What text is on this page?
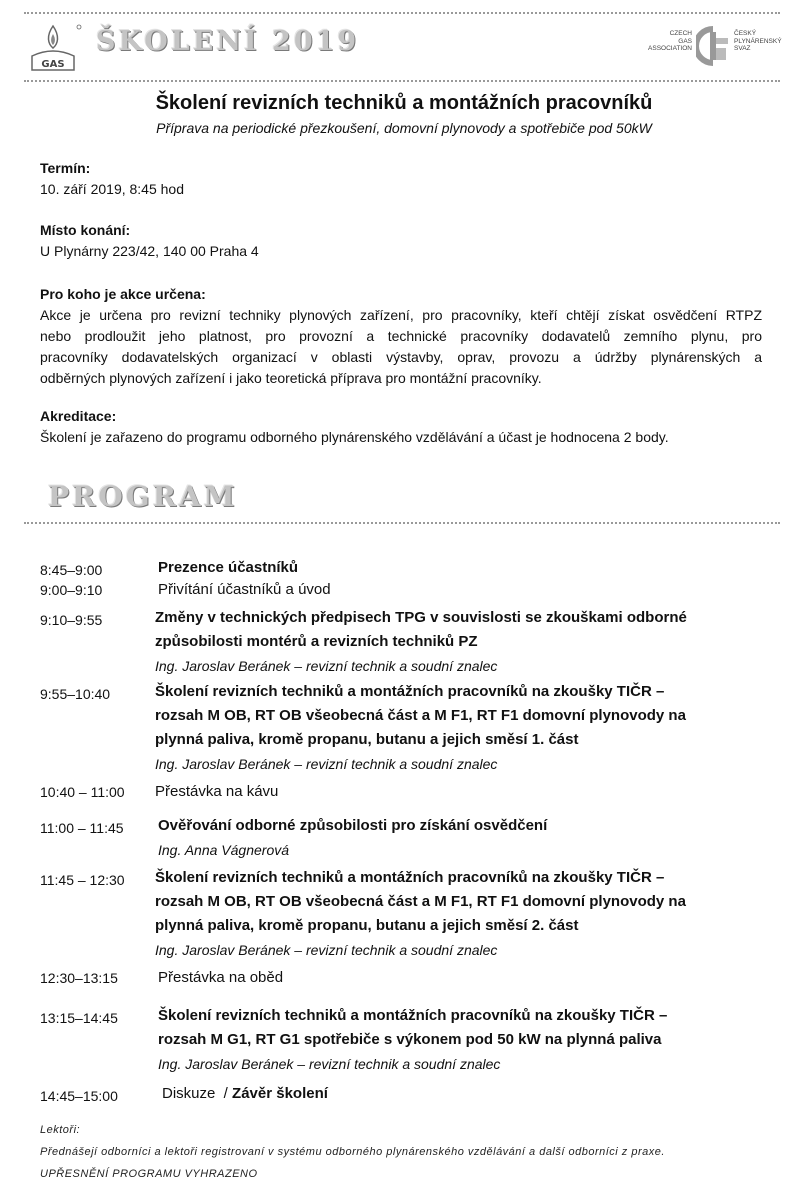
GAS
ŠKOLENÍ 2019	CZECH
GAS
ASSOCIATION
ČESKÝ
PLYNÁRENSKÝ
SVAZ
Školení revizních techniků a montážních pracovníků
Příprava na periodické přezkoušení, domovní plynovody a spotřebiče pod 50kW
Termín:
10. září 2019, 8:45 hod
Místo konání:
U Plynárny 223/42, 140 00 Praha 4
Pro koho je akce určena:
Akce je určena pro revizní techniky plynových zařízení, pro pracovníky, kteří chtějí získat osvědčení RTPZ
nebo prodloužit jeho platnost, pro provozní a technické pracovníky dodavatelů zemního plynu, pro
pracovníky dodavatelských organizací v oblasti výstavby, oprav, provozu a údržby plynárenských a
odběrných plynových zařízení i jako teoretická příprava pro montážní pracovníky.
Akreditace:
Školení je zařazeno do programu odborného plynárenského vzdělávání a účast je hodnocena 2 body.
PROGRAM
8:45–9:00	Prezence účastníků
9:00–9:10	Přivítání účastníků a úvod
9:10–9:55	Změny v technických předpisech TPG v souvislosti se zkouškami odborné
způsobilosti montérů a revizních techniků PZ
Ing. Jaroslav Beránek – revizní technik a soudní znalec
9:55–10:40	Školení revizních techniků a montážních pracovníků na zkoušky TIČR –
rozsah M OB, RT OB všeobecná část a M F1, RT F1 domovní plynovody na
plynná paliva, kromě propanu, butanu a jejich směsí 1. část
Ing. Jaroslav Beránek – revizní technik a soudní znalec
10:40 – 11:00 Přestávka na kávu
11:00 – 11:45 Ověřování odborné způsobilosti pro získání osvědčení
Ing. Anna Vágnerová
11:45 – 12:30 Školení revizních techniků a montážních pracovníků na zkoušky TIČR –
rozsah M OB, RT OB všeobecná část a M F1, RT F1 domovní plynovody na
plynná paliva, kromě propanu, butanu a jejich směsí 2. část
Ing. Jaroslav Beránek – revizní technik a soudní znalec
12:30–13:15	Přestávka na oběd
13:15–14:45	Školení revizních techniků a montážních pracovníků na zkoušky TIČR –
rozsah M G1, RT G1 spotřebiče s výkonem pod 50 kW na plynná paliva
Ing. Jaroslav Beránek – revizní technik a soudní znalec
14:45–15:00	Diskuze  / Závěr školení
Lektoři:
Přednášejí odborníci a lektoři registrovaní v systému odborného plynárenského vzdělávání a další odborníci z praxe.
UPŘESNĚNÍ PROGRAMU VYHRAZENO
